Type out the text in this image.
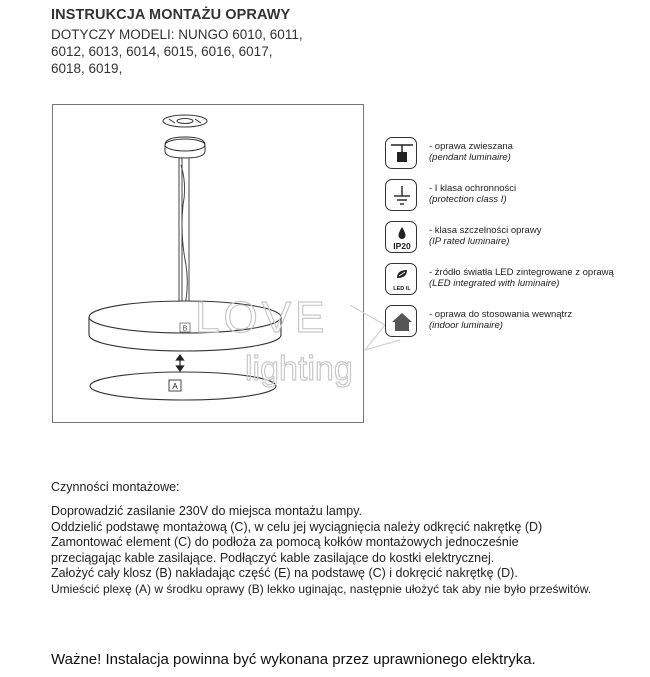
INSTRUKCJA MONTAŻU OPRAWY
DOTYCZY MODELI: NUNGO 6010, 6011,
6012, 6013, 6014, 6015, 6016, 6017,
6018, 6019,
B
A
LOVE
lighting
- oprawa zwieszana
(pendant luminaire)
- I klasa ochronności
(protection class I)
IP20
- klasa szczelności oprawy
(IP rated luminaire)
LED IL
- źródło światła LED zintegrowane z oprawą
(LED integrated with luminaire)
- oprawa do stosowania wewnątrz
(indoor luminaire)
Czynności montażowe:
Doprowadzić zasilanie 230V do miejsca montażu lampy.
Oddzielić podstawę montażową (C), w celu jej wyciągnięcia należy odkręcić nakrętkę (D)
Zamontować element (C) do podłoża za pomocą kołków montażowych jednocześnie
przeciągając kable zasilające. Podłączyć kable zasilające do kostki elektrycznej.
Założyć cały klosz (B) nakładając część (E) na podstawę (C) i dokręcić nakrętkę (D).
Umieścić plexę (A) w środku oprawy (B) lekko uginając, następnie ułożyć tak aby nie było prześwitów.
Ważne! Instalacja powinna być wykonana przez uprawnionego elektryka.
